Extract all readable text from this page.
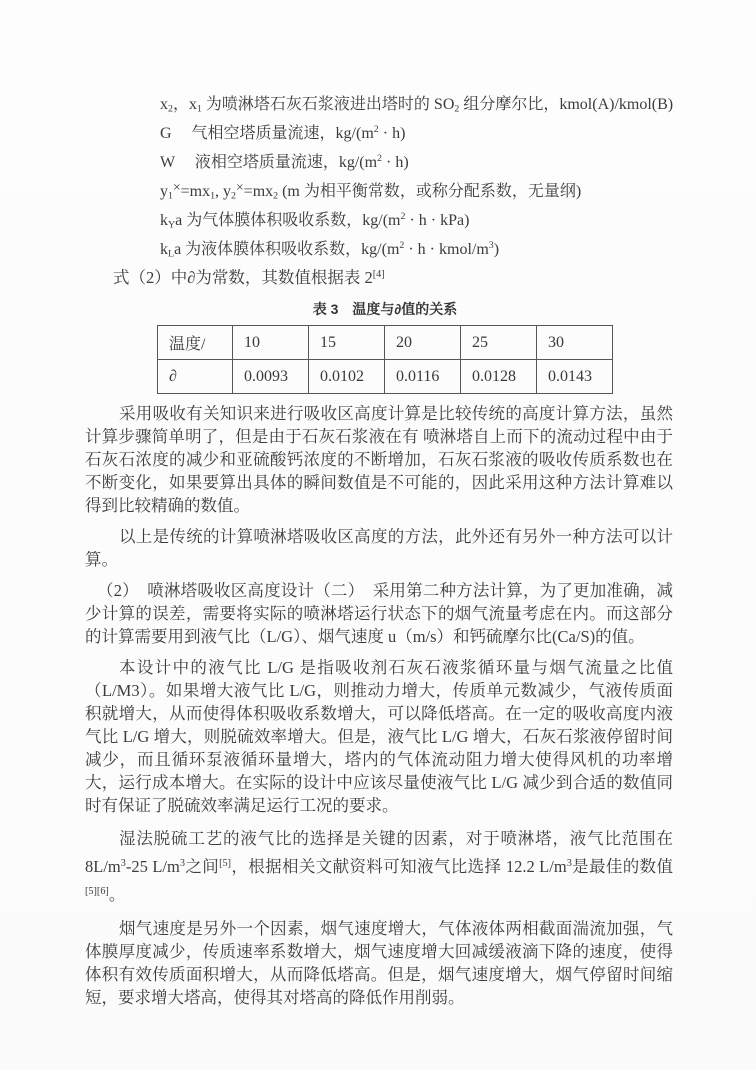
x2，x1 为喷淋塔石灰石浆液进出塔时的 SO2 组分摩尔比，kmol(A)/kmol(B)
G　 气相空塔质量流速，$kg/(m^2 \cdot h)$
W　 液相空塔质量流速，$kg/(m^2 \cdot h)$
y1×=mx1, y2×=mx2 (m 为相平衡常数，或称分配系数，无量纲)
kYa 为气体膜体积吸收系数，$kg/(m^2 \cdot h \cdot kPa)$
kLa 为液体膜体积吸收系数，$kg/(m^2 \cdot h$ · kmol/$m^3$)
式（2）中∂为常数，其数值根据表 2[4]
表 3　温度与∂值的关系
温度/	10	15	20	25	30
∂	0.0093	0.0102	0.0116	0.0128	0.0143
采用吸收有关知识来进行吸收区高度计算是比较传统的高度计算方法，虽然计算步骤简单明了，但是由于石灰石浆液在有 喷淋塔自上而下的流动过程中由于石灰石浓度的减少和亚硫酸钙浓度的不断增加，石灰石浆液的吸收传质系数也在不断变化，如果要算出具体的瞬间数值是不可能的，因此采用这种方法计算难以得到比较精确的数值。
以上是传统的计算喷淋塔吸收区高度的方法，此外还有另外一种方法可以计算。
（2）　喷淋塔吸收区高度设计（二）　采用第二种方法计算，为了更加准确，减少计算的误差，需要将实际的喷淋塔运行状态下的烟气流量考虑在内。而这部分的计算需要用到液气比（L/G）、烟气速度 u（m/s）和钙硫摩尔比(Ca/S)的值。
本设计中的液气比 L/G 是指吸收剂石灰石液浆循环量与烟气流量之比值（L/M3）。如果增大液气比 L/G，则推动力增大，传质单元数减少，气液传质面积就增大，从而使得体积吸收系数增大，可以降低塔高。在一定的吸收高度内液气比 L/G 增大，则脱硫效率增大。但是，液气比 L/G 增大，石灰石浆液停留时间减少，而且循环泵液循环量增大，塔内的气体流动阻力增大使得风机的功率增大，运行成本增大。在实际的设计中应该尽量使液气比 L/G 减少到合适的数值同时有保证了脱硫效率满足运行工况的要求。
湿法脱硫工艺的液气比的选择是关键的因素，对于喷淋塔，液气比范围在$8L/m^3-25$ $L/m^3$之间[5]，根据相关文献资料可知液气比选择 12.2 $L/m^3$是最佳的数值[5][6]。
烟气速度是另外一个因素，烟气速度增大，气体液体两相截面湍流加强，气体膜厚度减少，传质速率系数增大，烟气速度增大回减缓液滴下降的速度，使得体积有效传质面积增大，从而降低塔高。但是，烟气速度增大，烟气停留时间缩短，要求增大塔高，使得其对塔高的降低作用削弱。
